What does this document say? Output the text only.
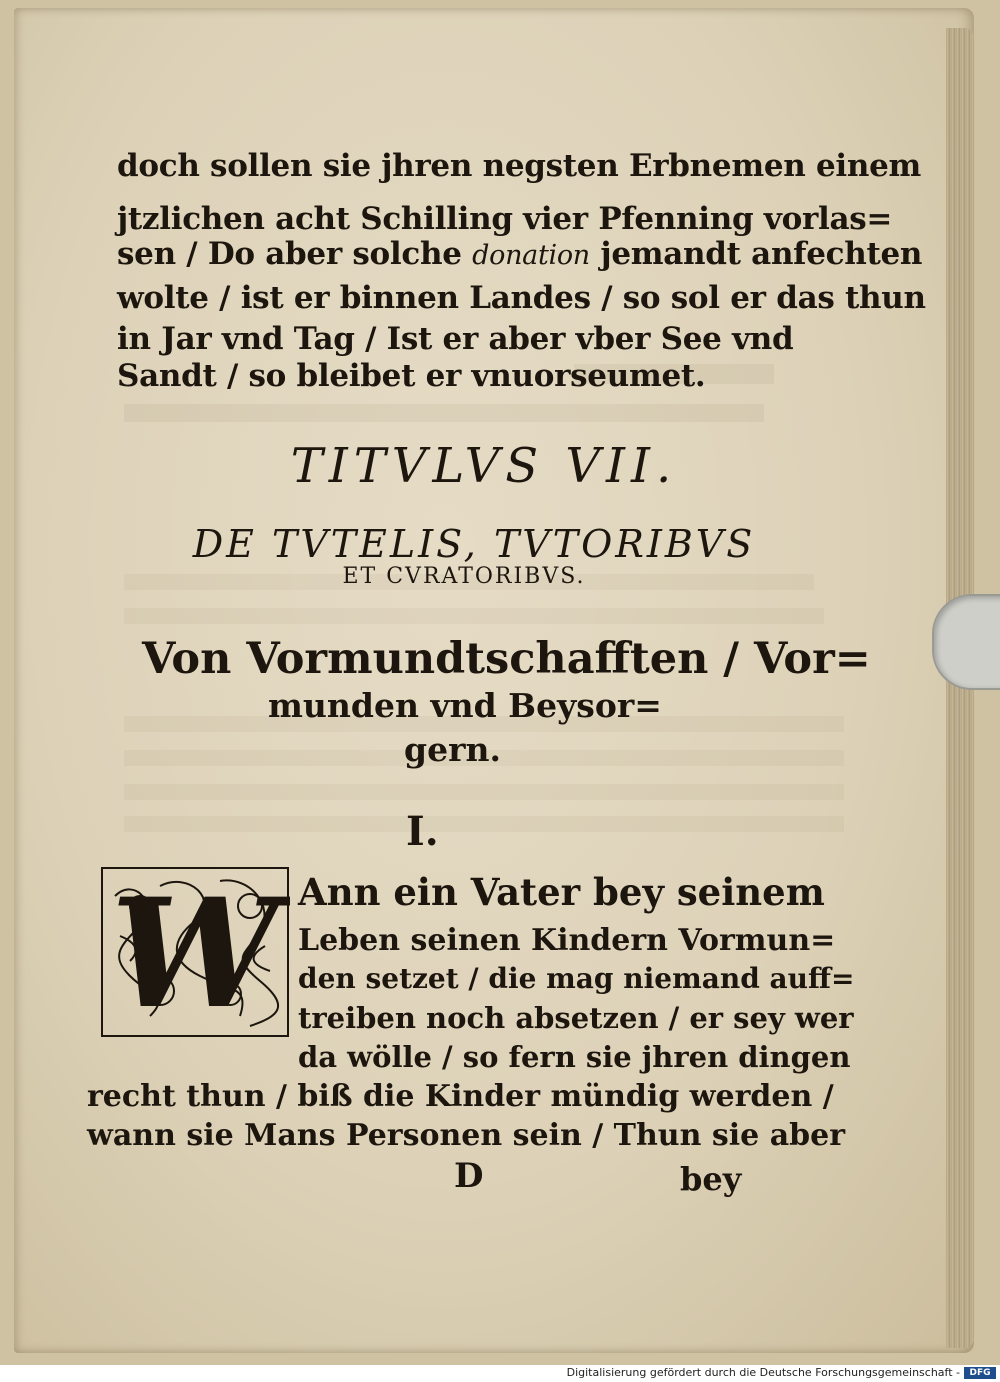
doch sollen sie jhren negsten Erbnemen einem
jtzlichen acht Schilling vier Pfenning vorlas=
sen / Do aber solche donation jemandt anfechten
wolte / ist er binnen Landes / so sol er das thun
in Jar vnd Tag / Ist er aber vber See vnd
Sandt / so bleibet er vnuorseumet.
TITVLVS VII.
DE TVTELIS, TVTORIBVS
ET CVRATORIBVS.
Von Vormundtschafften / Vor=
munden vnd Beysor=
gern.
I.
W Ann ein Vater bey seinem
Leben seinen Kindern Vormun=
den setzet / die mag niemand auff=
treiben noch absetzen / er sey wer
da wölle / so fern sie jhren dingen
recht thun / biß die Kinder mündig werden /
wann sie Mans Personen sein / Thun sie aber
D	bey
Digitalisierung gefördert durch die Deutsche Forschungsgemeinschaft -	DFG
